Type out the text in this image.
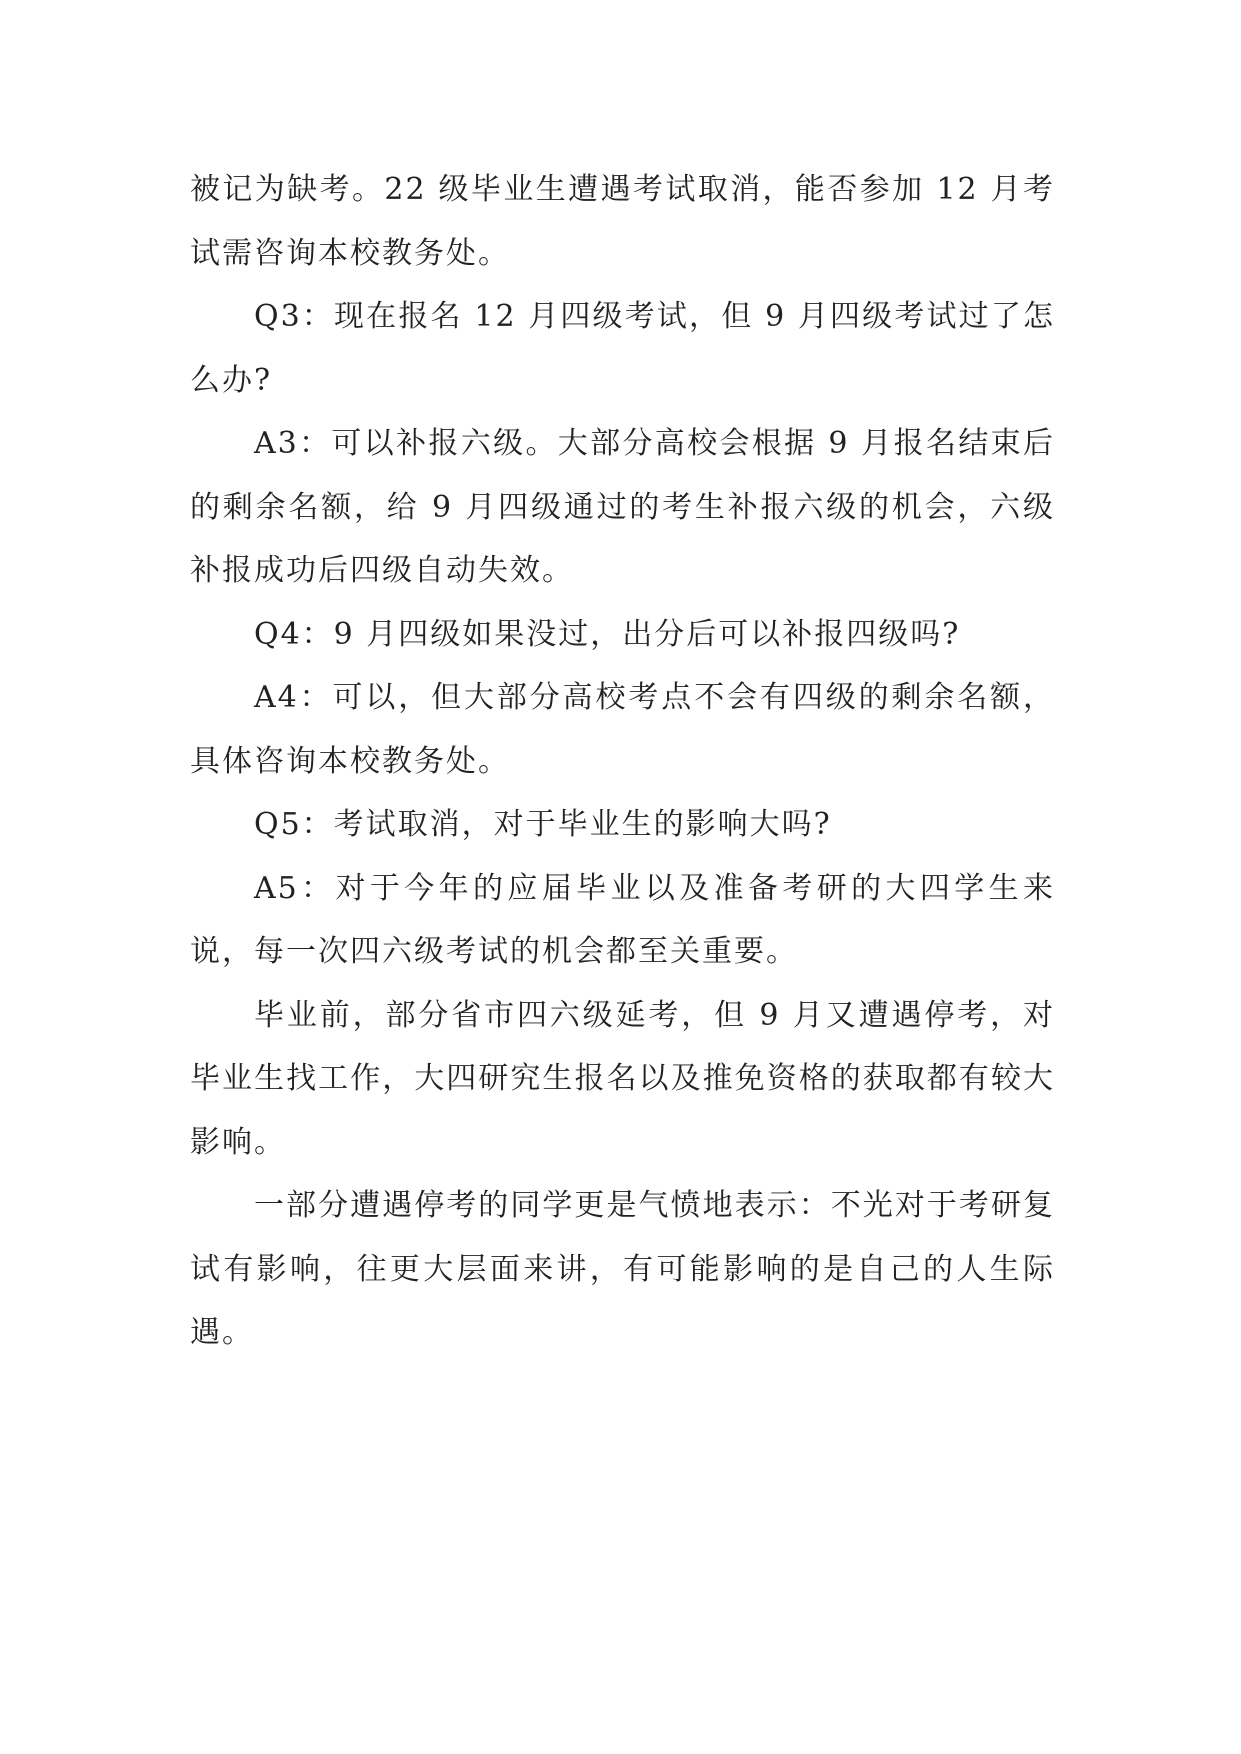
被记为缺考。22 级毕业生遭遇考试取消，能否参加 12 月考试需咨询本校教务处。

Q3：现在报名 12 月四级考试，但 9 月四级考试过了怎么办?

A3：可以补报六级。大部分高校会根据 9 月报名结束后的剩余名额，给 9 月四级通过的考生补报六级的机会，六级补报成功后四级自动失效。

Q4：9 月四级如果没过，出分后可以补报四级吗?

A4：可以，但大部分高校考点不会有四级的剩余名额，具体咨询本校教务处。

Q5：考试取消，对于毕业生的影响大吗?

A5：对于今年的应届毕业以及准备考研的大四学生来说，每一次四六级考试的机会都至关重要。

毕业前，部分省市四六级延考，但 9 月又遭遇停考，对毕业生找工作，大四研究生报名以及推免资格的获取都有较大影响。

一部分遭遇停考的同学更是气愤地表示：不光对于考研复试有影响，往更大层面来讲，有可能影响的是自己的人生际遇。
